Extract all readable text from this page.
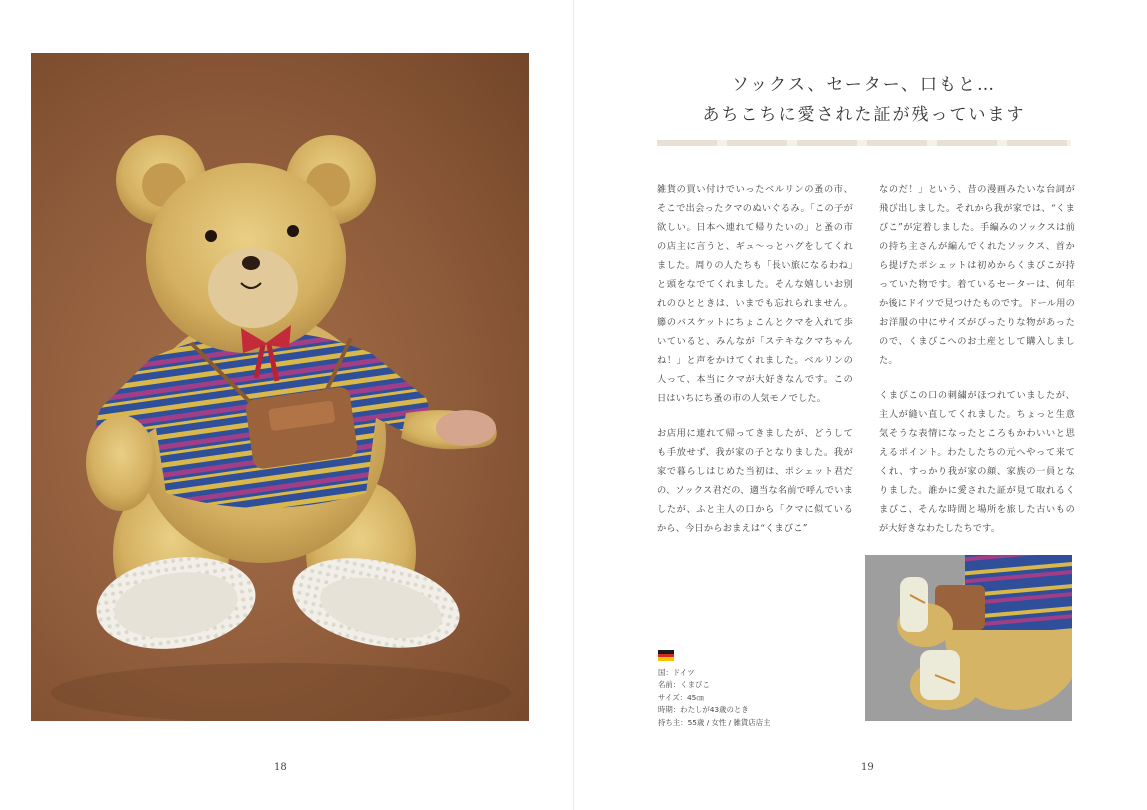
ソックス、セーター、口もと…
あちこちに愛された証が残っています

雑貨の買い付けでいったベルリンの蚤の市、そこで出会ったクマのぬいぐるみ。「この子が欲しい。日本へ連れて帰りたいの」と蚤の市の店主に言うと、ギュ〜っとハグをしてくれました。周りの人たちも「長い旅になるわね」と頭をなでてくれました。そんな嬉しいお別れのひとときは、いまでも忘れられません。籐のバスケットにちょこんとクマを入れて歩いていると、みんなが「ステキなクマちゃんね！」と声をかけてくれました。ベルリンの人って、本当にクマが大好きなんです。この日はいちにち蚤の市の人気モノでした。

お店用に連れて帰ってきましたが、どうしても手放せず、我が家の子となりました。我が家で暮らしはじめた当初は、ポシェット君だの、ソックス君だの、適当な名前で呼んでいましたが、ふと主人の口から「クマに似ているから、今日からおまえは“くまびこ”

なのだ！」という、昔の漫画みたいな台詞が飛び出しました。それから我が家では、“くまびこ”が定着しました。手編みのソックスは前の持ち主さんが編んでくれたソックス、首から提げたポシェットは初めからくまびこが持っていた物です。着ているセーターは、何年か後にドイツで見つけたものです。ドール用のお洋服の中にサイズがぴったりな物があったので、くまびこへのお土産として購入しました。

くまびこの口の刺繍がほつれていましたが、主人が縫い直してくれました。ちょっと生意気そうな表情になったところもかわいいと思えるポイント。わたしたちの元へやって来てくれ、すっかり我が家の顔、家族の一員となりました。誰かに愛された証が見て取れるくまびこ、そんな時間と場所を旅した古いものが大好きなわたしたちです。

国：ドイツ
名前：くまびこ
サイズ：45㎝
時期：わたしが43歳のとき
持ち主：55歳 / 女性 / 雑貨店店主
18	19
